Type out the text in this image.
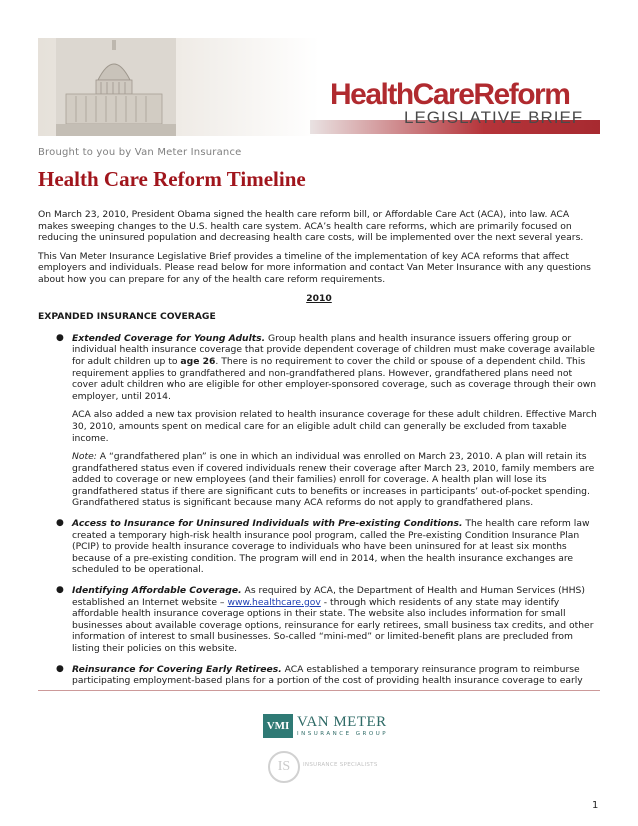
HealthCareReform
LEGISLATIVE BRIEF
Brought to you by Van Meter Insurance
Health Care Reform Timeline

On March 23, 2010, President Obama signed the health care reform bill, or Affordable Care Act (ACA), into law. ACA makes sweeping changes to the U.S. health care system. ACA’s health care reforms, which are primarily focused on reducing the uninsured population and decreasing health care costs, will be implemented over the next several years.

This Van Meter Insurance Legislative Brief provides a timeline of the implementation of key ACA reforms that affect employers and individuals. Please read below for more information and contact Van Meter Insurance with any questions about how you can prepare for any of the health care reform requirements.

2010
EXPANDED INSURANCE COVERAGE
● Extended Coverage for Young Adults. Group health plans and health insurance issuers offering group or individual health insurance coverage that provide dependent coverage of children must make coverage available for adult children up to age 26. There is no requirement to cover the child or spouse of a dependent child. This requirement applies to grandfathered and non-grandfathered plans. However, grandfathered plans need not cover adult children who are eligible for other employer-sponsored coverage, such as coverage through their own employer, until 2014.

ACA also added a new tax provision related to health insurance coverage for these adult children. Effective March 30, 2010, amounts spent on medical care for an eligible adult child can generally be excluded from taxable income.

Note: A “grandfathered plan” is one in which an individual was enrolled on March 23, 2010. A plan will retain its grandfathered status even if covered individuals renew their coverage after March 23, 2010, family members are added to coverage or new employees (and their families) enroll for coverage. A health plan will lose its grandfathered status if there are significant cuts to benefits or increases in participants’ out-of-pocket spending. Grandfathered status is significant because many ACA reforms do not apply to grandfathered plans.

● Access to Insurance for Uninsured Individuals with Pre-existing Conditions. The health care reform law created a temporary high-risk health insurance pool program, called the Pre-existing Condition Insurance Plan (PCIP) to provide health insurance coverage to individuals who have been uninsured for at least six months because of a pre-existing condition. The program will end in 2014, when the health insurance exchanges are scheduled to be operational.

● Identifying Affordable Coverage. As required by ACA, the Department of Health and Human Services (HHS) established an Internet website – www.healthcare.gov - through which residents of any state may identify affordable health insurance coverage options in their state. The website also includes information for small businesses about available coverage options, reinsurance for early retirees, small business tax credits, and other information of interest to small businesses. So-called “mini-med” or limited-benefit plans are precluded from listing their policies on this website.

● Reinsurance for Covering Early Retirees. ACA established a temporary reinsurance program to reimburse participating employment-based plans for a portion of the cost of providing health insurance coverage to early

VMI VAN METER
INSURANCE GROUP
IS	INSURANCE SPECIALISTS
1
